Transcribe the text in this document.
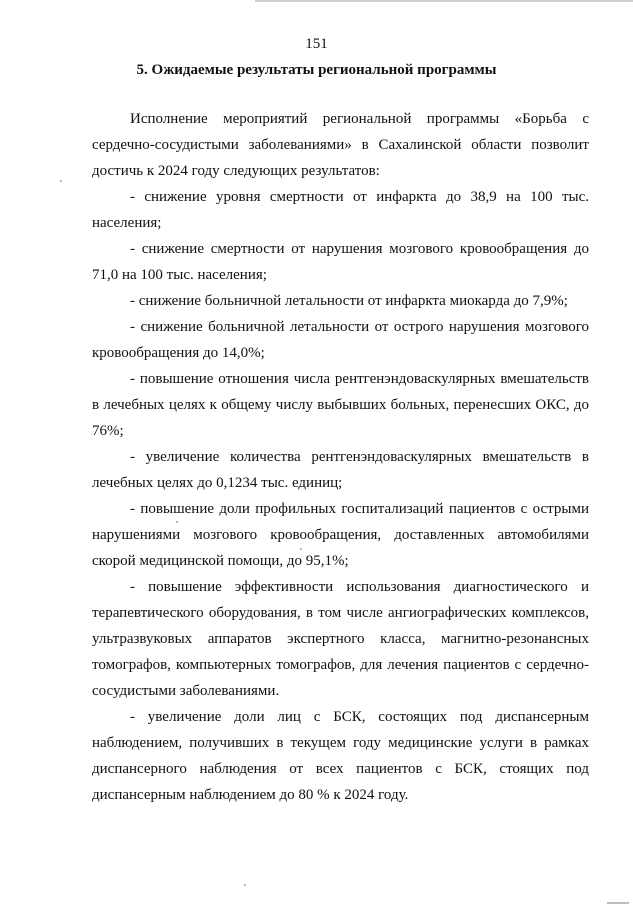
151
5. Ожидаемые результаты региональной программы

Исполнение мероприятий региональной программы «Борьба с сердечно-сосудистыми заболеваниями» в Сахалинской области позволит достичь к 2024 году следующих результатов:

- снижение уровня смертности от инфаркта до 38,9 на 100 тыс. населения;

- снижение смертности от нарушения мозгового кровообращения до 71,0 на 100 тыс. населения;

- снижение больничной летальности от инфаркта миокарда до 7,9%;

- снижение больничной летальности от острого нарушения мозгового кровообращения до 14,0%;

- повышение отношения числа рентгенэндоваскулярных вмешательств в лечебных целях к общему числу выбывших больных, перенесших ОКС, до 76%;

- увеличение количества рентгенэндоваскулярных вмешательств в лечебных целях до 0,1234 тыс. единиц;

- повышение доли профильных госпитализаций пациентов с острыми нарушениями мозгового кровообращения, доставленных автомобилями скорой медицинской помощи, до 95,1%;

- повышение эффективности использования диагностического и терапевтического оборудования, в том числе ангиографических комплексов, ультразвуковых аппаратов экспертного класса, магнитно-резонансных томографов, компьютерных томографов, для лечения пациентов с сердечно-сосудистыми заболеваниями.

- увеличение доли лиц с БСК, состоящих под диспансерным наблюдением, получивших в текущем году медицинские услуги в рамках диспансерного наблюдения от всех пациентов с БСК, стоящих под диспансерным наблюдением до 80 % к 2024 году.
